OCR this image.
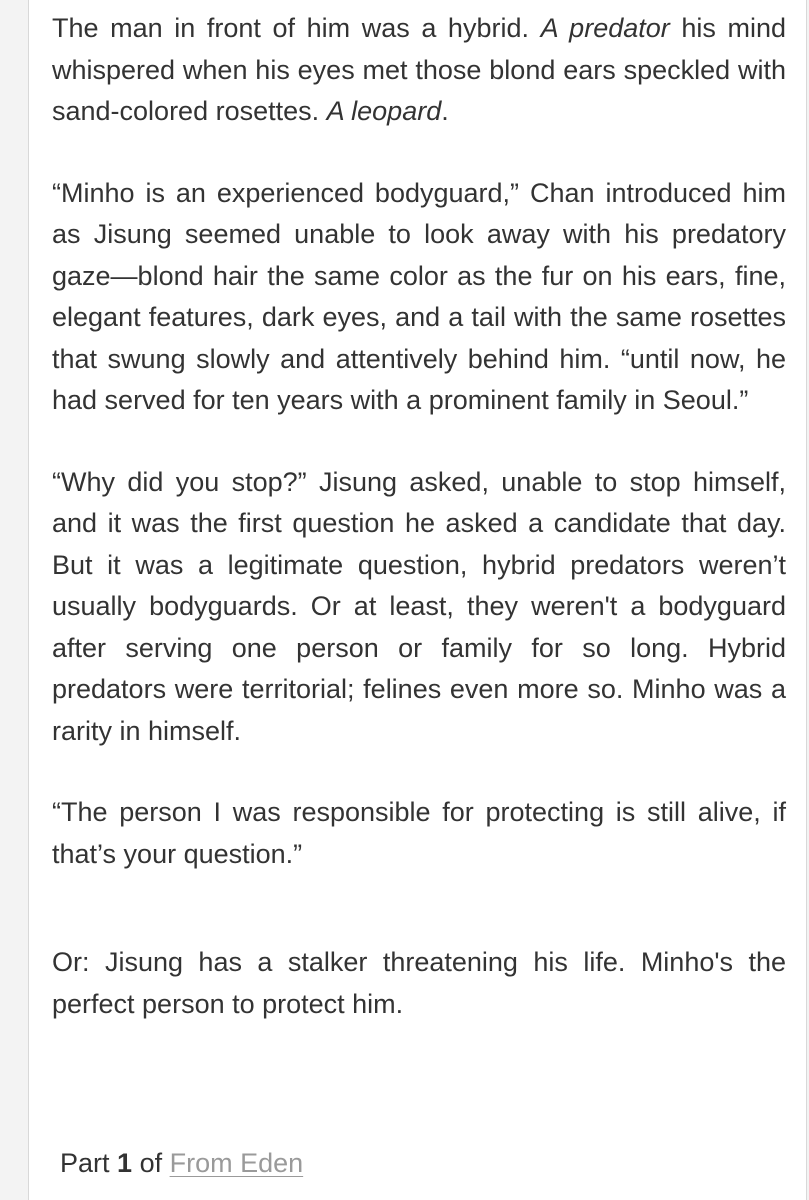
The man in front of him was a hybrid. A predator his mind whispered when his eyes met those blond ears speckled with sand-colored rosettes. A leopard.

“Minho is an experienced bodyguard,” Chan introduced him as Jisung seemed unable to look away with his predatory gaze—blond hair the same color as the fur on his ears, fine, elegant features, dark eyes, and a tail with the same rosettes that swung slowly and attentively behind him. “until now, he had served for ten years with a prominent family in Seoul.”

“Why did you stop?” Jisung asked, unable to stop himself, and it was the first question he asked a candidate that day. But it was a legitimate question, hybrid predators weren’t usually bodyguards. Or at least, they weren't a bodyguard after serving one person or family for so long. Hybrid predators were territorial; felines even more so. Minho was a rarity in himself.

“The person I was responsible for protecting is still alive, if that’s your question.”

Or: Jisung has a stalker threatening his life. Minho's the perfect person to protect him.

Part 1 of From Eden
